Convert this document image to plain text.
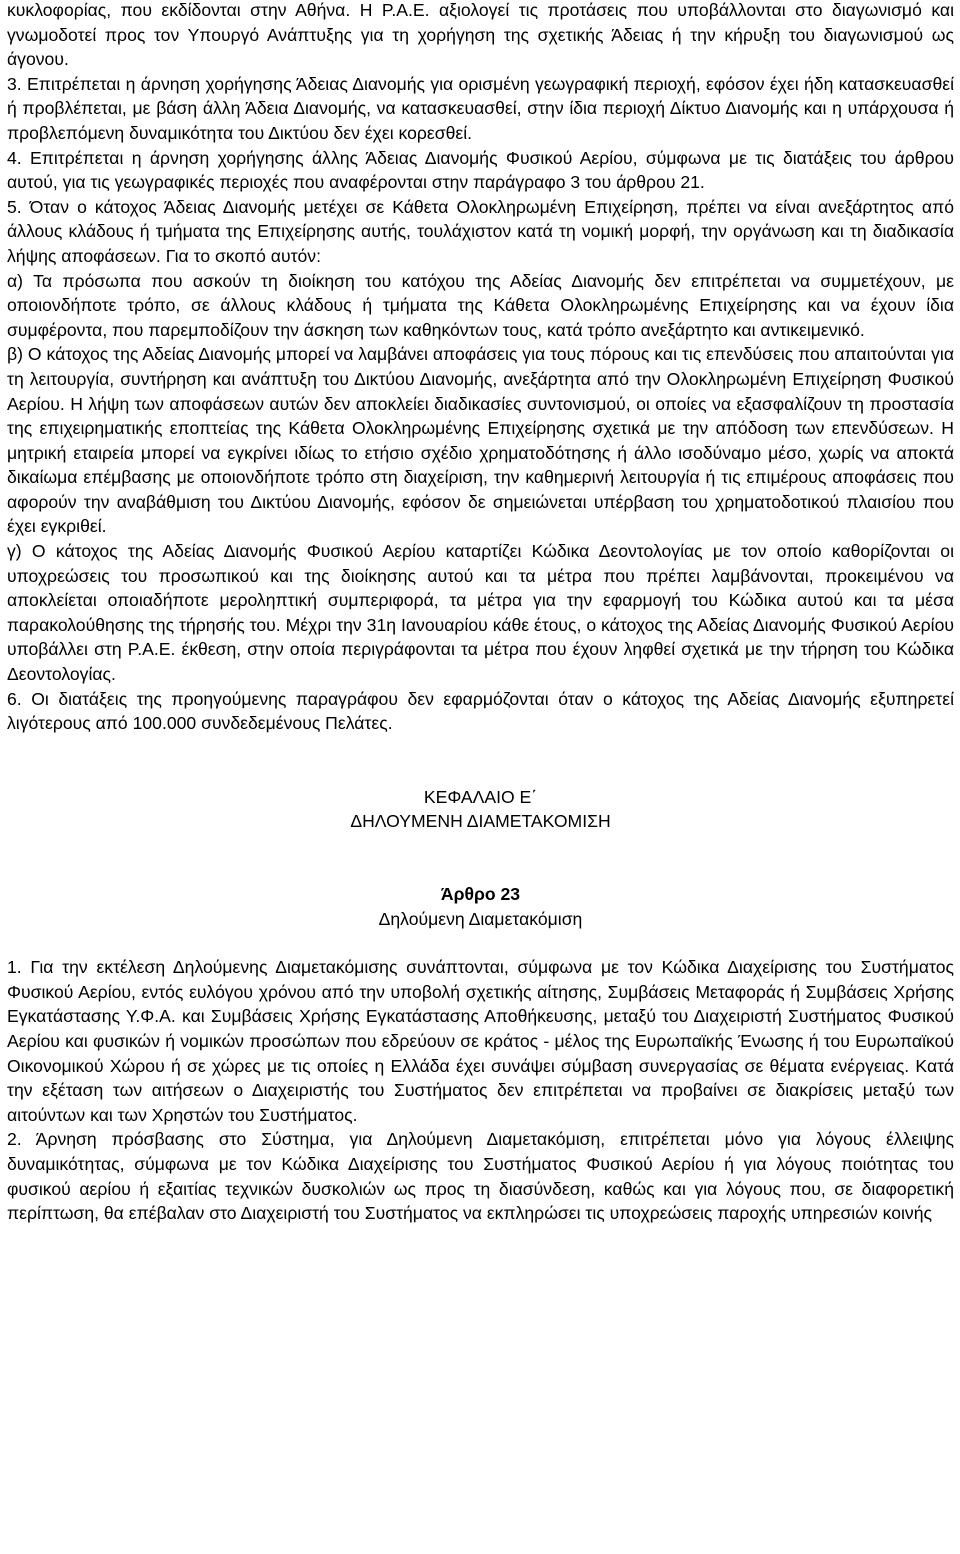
κυκλοφορίας, που εκδίδονται στην Αθήνα. Η Ρ.Α.Ε. αξιολογεί τις προτάσεις που υποβάλλονται στο διαγωνισμό και γνωμοδοτεί προς τον Υπουργό Ανάπτυξης για τη χορήγηση της σχετικής Άδειας ή την κήρυξη του διαγωνισμού ως άγονου.

3. Επιτρέπεται η άρνηση χορήγησης Άδειας Διανομής για ορισμένη γεωγραφική περιοχή, εφόσον έχει ήδη κατασκευασθεί ή προβλέπεται, με βάση άλλη Άδεια Διανομής, να κατασκευασθεί, στην ίδια περιοχή Δίκτυο Διανομής και η υπάρχουσα ή προβλεπόμενη δυναμικότητα του Δικτύου δεν έχει κορεσθεί.

4. Επιτρέπεται η άρνηση χορήγησης άλλης Άδειας Διανομής Φυσικού Αερίου, σύμφωνα με τις διατάξεις του άρθρου αυτού, για τις γεωγραφικές περιοχές που αναφέρονται στην παράγραφο 3 του άρθρου 21.

5. Όταν ο κάτοχος Άδειας Διανομής μετέχει σε Κάθετα Ολοκληρωμένη Επιχείρηση, πρέπει να είναι ανεξάρτητος από άλλους κλάδους ή τμήματα της Επιχείρησης αυτής, τουλάχιστον κατά τη νομική μορφή, την οργάνωση και τη διαδικασία λήψης αποφάσεων. Για το σκοπό αυτόν:

α) Τα πρόσωπα που ασκούν τη διοίκηση του κατόχου της Αδείας Διανομής δεν επιτρέπεται να συμμετέχουν, με οποιονδήποτε τρόπο, σε άλλους κλάδους ή τμήματα της Κάθετα Ολοκληρωμένης Επιχείρησης και να έχουν ίδια συμφέροντα, που παρεμποδίζουν την άσκηση των καθηκόντων τους, κατά τρόπο ανεξάρτητο και αντικειμενικό.

β) Ο κάτοχος της Αδείας Διανομής μπορεί να λαμβάνει αποφάσεις για τους πόρους και τις επενδύσεις που απαιτούνται για τη λειτουργία, συντήρηση και ανάπτυξη του Δικτύου Διανομής, ανεξάρτητα από την Ολοκληρωμένη Επιχείρηση Φυσικού Αερίου. Η λήψη των αποφάσεων αυτών δεν αποκλείει διαδικασίες συντονισμού, οι οποίες να εξασφαλίζουν τη προστασία της επιχειρηματικής εποπτείας της Κάθετα Ολοκληρωμένης Επιχείρησης σχετικά με την απόδοση των επενδύσεων. Η μητρική εταιρεία μπορεί να εγκρίνει ιδίως το ετήσιο σχέδιο χρηματοδότησης ή άλλο ισοδύναμο μέσο, χωρίς να αποκτά δικαίωμα επέμβασης με οποιονδήποτε τρόπο στη διαχείριση, την καθημερινή λειτουργία ή τις επιμέρους αποφάσεις που αφορούν την αναβάθμιση του Δικτύου Διανομής, εφόσον δε σημειώνεται υπέρβαση του χρηματοδοτικού πλαισίου που έχει εγκριθεί.

γ) Ο κάτοχος της Αδείας Διανομής Φυσικού Αερίου καταρτίζει Κώδικα Δεοντολογίας με τον οποίο καθορίζονται οι υποχρεώσεις του προσωπικού και της διοίκησης αυτού και τα μέτρα που πρέπει λαμβάνονται, προκειμένου να αποκλείεται οποιαδήποτε μεροληπτική συμπεριφορά, τα μέτρα για την εφαρμογή του Κώδικα αυτού και τα μέσα παρακολούθησης της τήρησής του. Μέχρι την 31η Ιανουαρίου κάθε έτους, ο κάτοχος της Αδείας Διανομής Φυσικού Αερίου υποβάλλει στη Ρ.Α.Ε. έκθεση, στην οποία περιγράφονται τα μέτρα που έχουν ληφθεί σχετικά με την τήρηση του Κώδικα Δεοντολογίας.

6. Οι διατάξεις της προηγούμενης παραγράφου δεν εφαρμόζονται όταν ο κάτοχος της Αδείας Διανομής εξυπηρετεί λιγότερους από 100.000 συνδεδεμένους Πελάτες.

ΚΕΦΑΛΑΙΟ Ε΄

ΔΗΛΟΥΜΕΝΗ ΔΙΑΜΕΤΑΚΟΜΙΣΗ

Άρθρο 23

Δηλούμενη Διαμετακόμιση

1. Για την εκτέλεση Δηλούμενης Διαμετακόμισης συνάπτονται, σύμφωνα με τον Κώδικα Διαχείρισης του Συστήματος Φυσικού Αερίου, εντός ευλόγου χρόνου από την υποβολή σχετικής αίτησης, Συμβάσεις Μεταφοράς ή Συμβάσεις Χρήσης Εγκατάστασης Υ.Φ.Α. και Συμβάσεις Χρήσης Εγκατάστασης Αποθήκευσης, μεταξύ του Διαχειριστή Συστήματος Φυσικού Αερίου και φυσικών ή νομικών προσώπων που εδρεύουν σε κράτος - μέλος της Ευρωπαϊκής Ένωσης ή του Ευρωπαϊκού Οικονομικού Χώρου ή σε χώρες με τις οποίες η Ελλάδα έχει συνάψει σύμβαση συνεργασίας σε θέματα ενέργειας. Κατά την εξέταση των αιτήσεων ο Διαχειριστής του Συστήματος δεν επιτρέπεται να προβαίνει σε διακρίσεις μεταξύ των αιτούντων και των Χρηστών του Συστήματος.

2. Άρνηση πρόσβασης στο Σύστημα, για Δηλούμενη Διαμετακόμιση, επιτρέπεται μόνο για λόγους έλλειψης δυναμικότητας, σύμφωνα με τον Κώδικα Διαχείρισης του Συστήματος Φυσικού Αερίου ή για λόγους ποιότητας του φυσικού αερίου ή εξαιτίας τεχνικών δυσκολιών ως προς τη διασύνδεση, καθώς και για λόγους που, σε διαφορετική περίπτωση, θα επέβαλαν στο Διαχειριστή του Συστήματος να εκπληρώσει τις υποχρεώσεις παροχής υπηρεσιών κοινής
